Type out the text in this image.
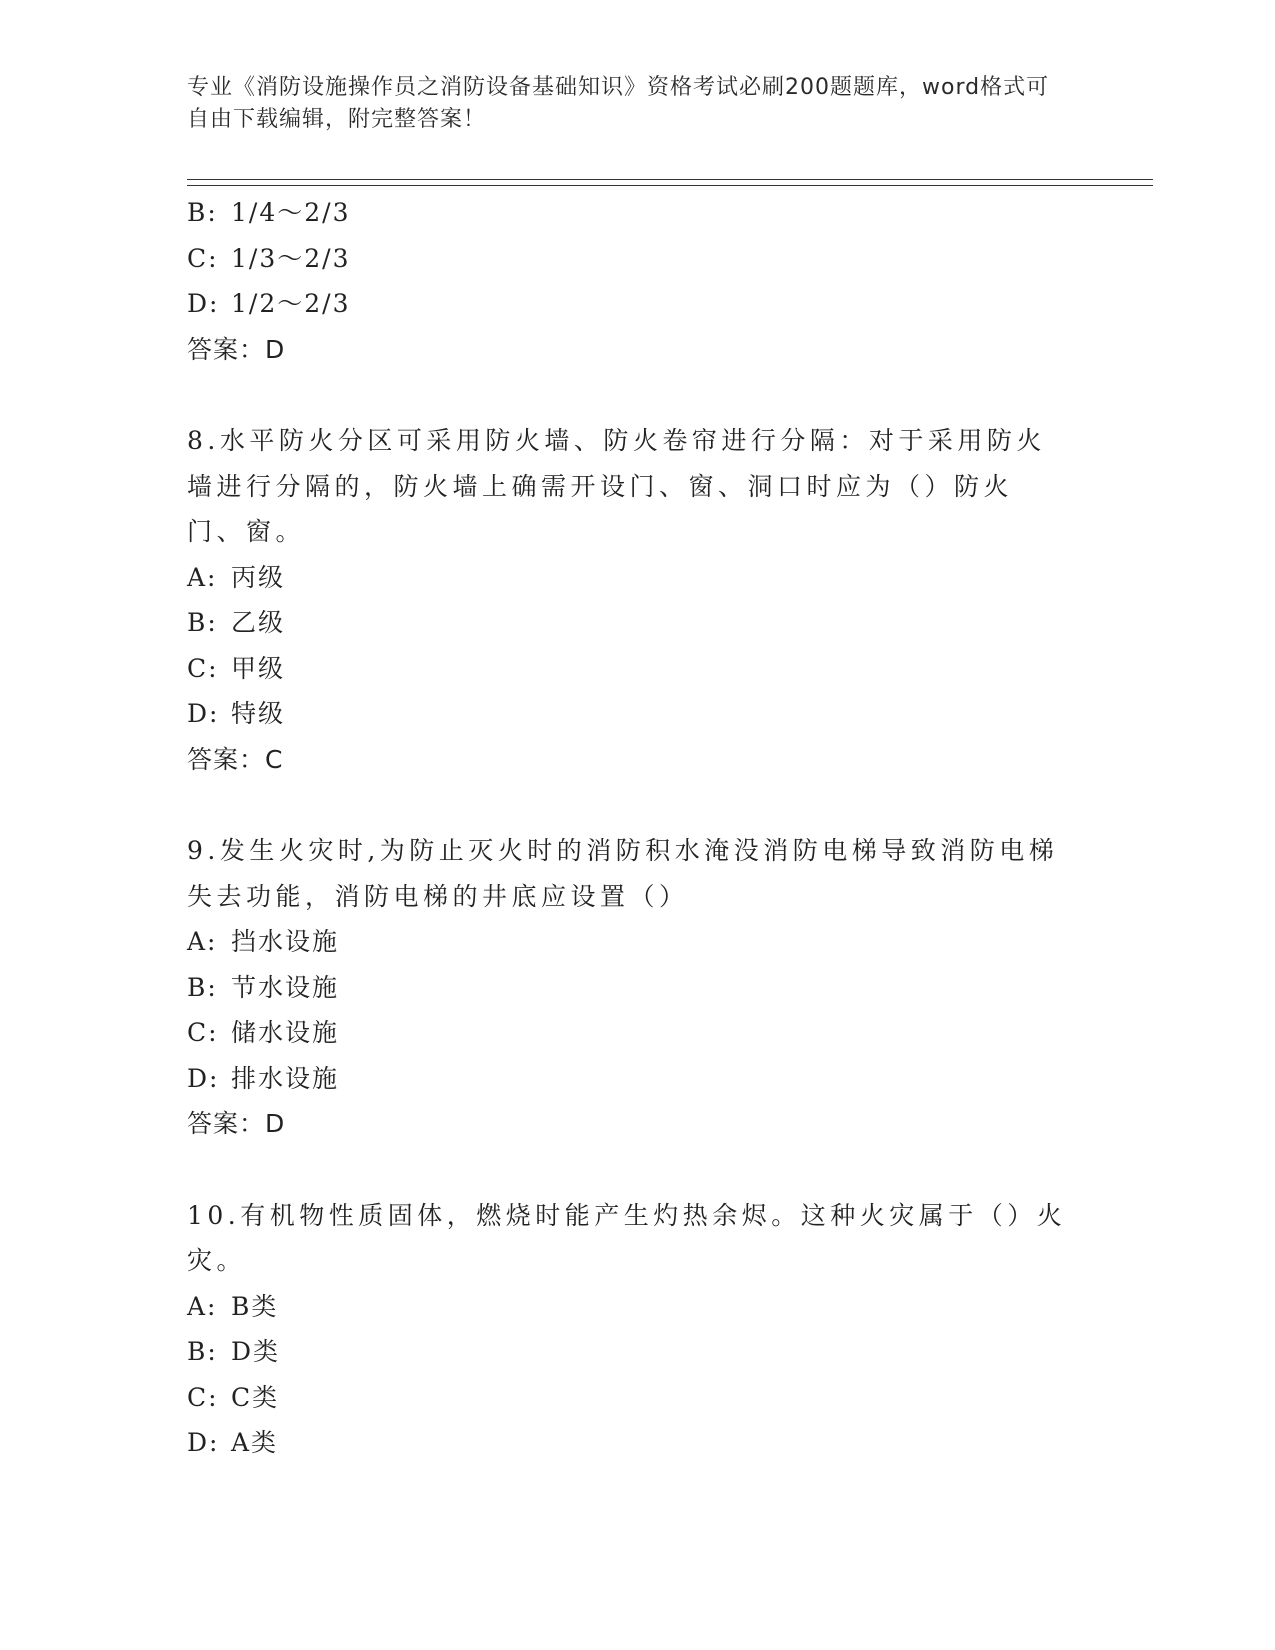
专业《消防设施操作员之消防设备基础知识》资格考试必刷200题题库，word格式可自由下载编辑，附完整答案！
B: 1/4～2/3
C: 1/3～2/3
D: 1/2～2/3
答案：D
8.水平防火分区可采用防火墙、防火卷帘进行分隔：对于采用防火墙进行分隔的，防火墙上确需开设门、窗、洞口时应为（）防火门、窗。
A: 丙级
B: 乙级
C: 甲级
D: 特级
答案：C
9.发生火灾时,为防止灭火时的消防积水淹没消防电梯导致消防电梯失去功能，消防电梯的井底应设置（）
A: 挡水设施
B: 节水设施
C: 储水设施
D: 排水设施
答案：D
10.有机物性质固体，燃烧时能产生灼热余烬。这种火灾属于（）火灾。
A: B类
B: D类
C: C类
D: A类
